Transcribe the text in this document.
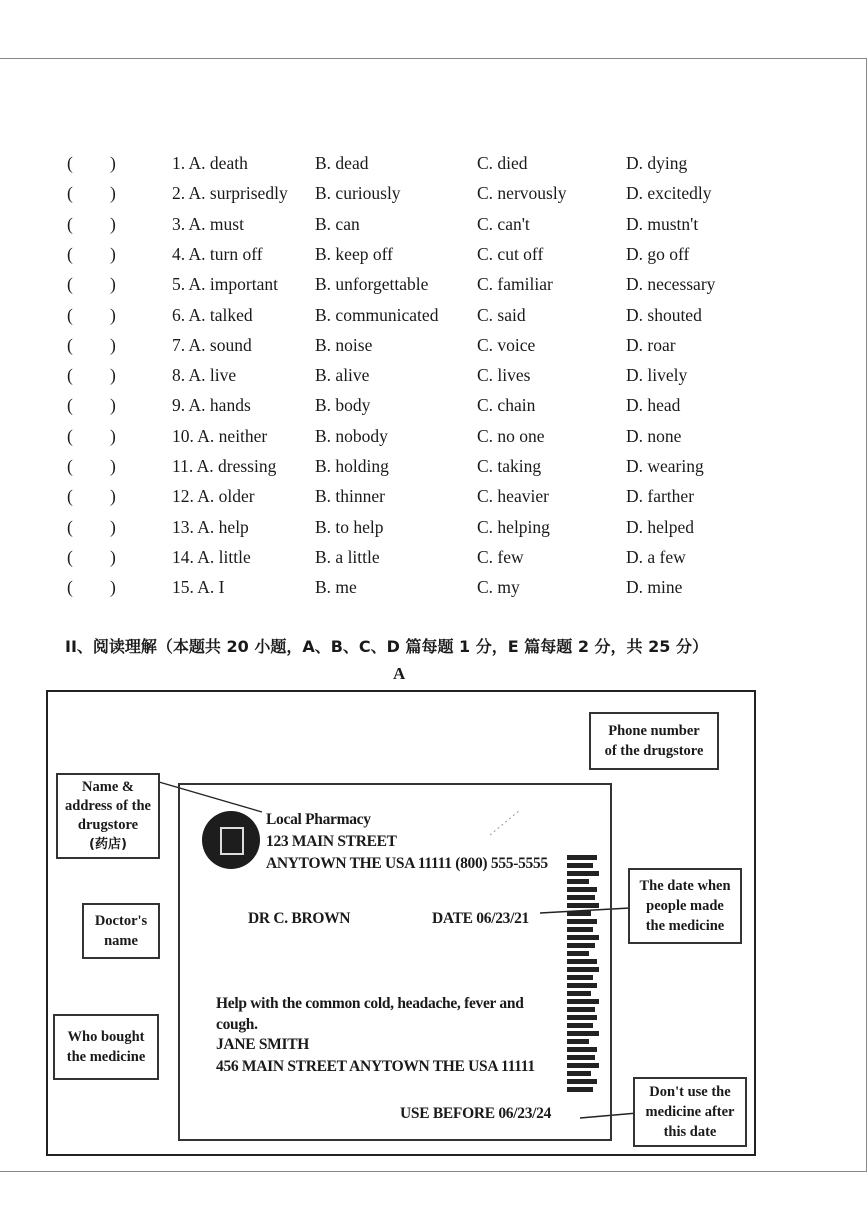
( )	1. A. death	B. dead	C. died	D. dying
( )	2. A. surprisedly B. curiously	C. nervously	D. excitedly
( )	3. A. must	B. can	C. can't	D. mustn't
( )	4. A. turn off	B. keep off	C. cut off	D. go off
( )	5. A. important B. unforgettable	C. familiar	D. necessary
( )	6. A. talked	B. communicated C. said	D. shouted
( )	7. A. sound	B. noise	C. voice	D. roar
( )	8. A. live	B. alive	C. lives	D. lively
( )	9. A. hands	B. body	C. chain	D. head
( )	10. A. neither	B. nobody	C. no one	D. none
( )	11. A. dressing B. holding	C. taking	D. wearing
( )	12. A. older	B. thinner	C. heavier	D. farther
( )	13. A. help	B. to help	C. helping	D. helped
( )	14. A. little	B. a little	C. few	D. a few
( )	15. A. I	B. me	C. my	D. mine
II、阅读理解（本题共 20 小题，A、B、C、D 篇每题 1 分，E 篇每题 2 分，共 25 分）
A
Phone number
of the drugstore
Name &
address of the
drugstore
(药店)
Doctor's
name
Who bought
the medicine
The date when
people made
the medicine
Don't use the
medicine after
this date
Local Pharmacy
123 MAIN STREET
ANYTOWN THE USA 11111 (800) 555-5555
DR C. BROWN	DATE 06/23/21
Help with the common cold, headache, fever and
cough.
JANE SMITH
456 MAIN STREET ANYTOWN THE USA 11111
USE BEFORE 06/23/24
